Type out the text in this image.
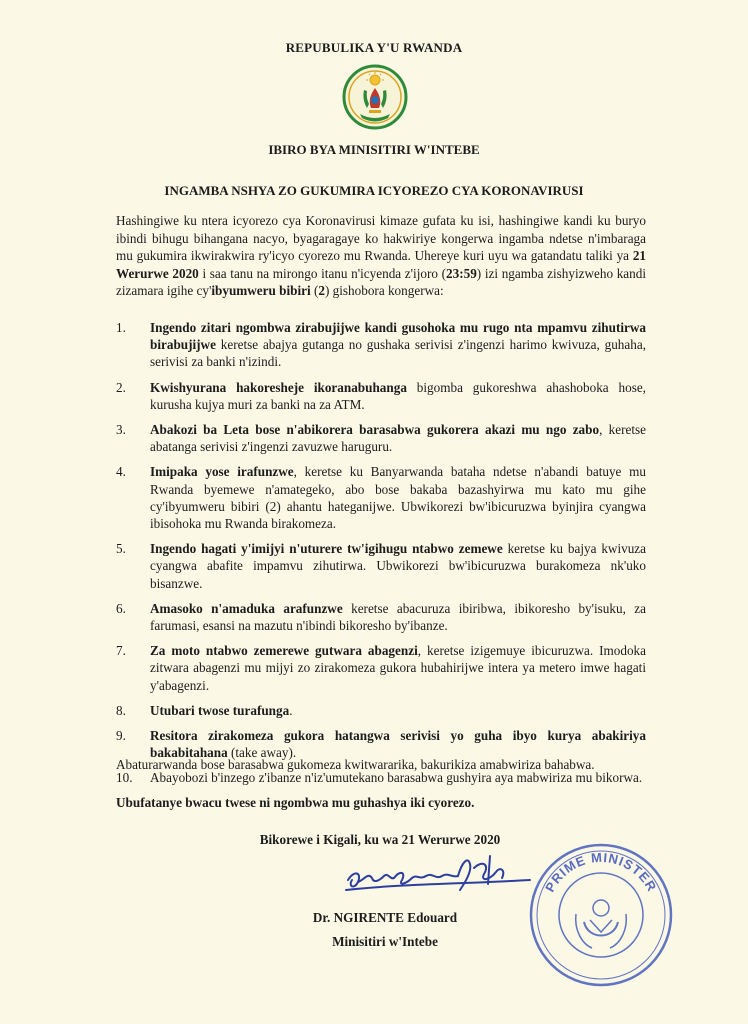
REPUBULIKA Y'U RWANDA
IBIRO BYA MINISITIRI W'INTEBE
INGAMBA NSHYA ZO GUKUMIRA ICYOREZO CYA KORONAVIRUSI

Hashingiwe ku ntera icyorezo cya Koronavirusi kimaze gufata ku isi, hashingiwe kandi ku buryo ibindi bihugu bihangana nacyo, byagaragaye ko hakwiriye kongerwa ingamba ndetse n'imbaraga mu gukumira ikwirakwira ry'icyo cyorezo mu Rwanda. Uhereye kuri uyu wa gatandatu taliki ya 21 Werurwe 2020 i saa tanu na mirongo itanu n'icyenda z'ijoro (23:59) izi ngamba zishyizweho kandi zizamara igihe cy'ibyumweru bibiri (2) gishobora kongerwa:

1.	Ingendo zitari ngombwa zirabujijwe kandi gusohoka mu rugo nta mpamvu zihutirwa birabujijwe keretse abajya gutanga no gushaka serivisi z'ingenzi harimo kwivuza, guhaha, serivisi za banki n'izindi.
2.	Kwishyurana hakoresheje ikoranabuhanga bigomba gukoreshwa ahashoboka hose, kurusha kujya muri za banki na za ATM.
3.	Abakozi ba Leta bose n'abikorera barasabwa gukorera akazi mu ngo zabo, keretse abatanga serivisi z'ingenzi zavuzwe haruguru.
4.	Imipaka yose irafunzwe, keretse ku Banyarwanda bataha ndetse n'abandi batuye mu Rwanda byemewe n'amategeko, abo bose bakaba bazashyirwa mu kato mu gihe cy'ibyumweru bibiri (2) ahantu hateganijwe. Ubwikorezi bw'ibicuruzwa byinjira cyangwa ibisohoka mu Rwanda birakomeza.
5.	Ingendo hagati y'imijyi n'uturere tw'igihugu ntabwo zemewe keretse ku bajya kwivuza cyangwa abafite impamvu zihutirwa. Ubwikorezi bw'ibicuruzwa burakomeza nk'uko bisanzwe.
6.	Amasoko n'amaduka arafunzwe keretse abacuruza ibiribwa, ibikoresho by'isuku, za farumasi, esansi na mazutu n'ibindi bikoresho by'ibanze.
7.	Za moto ntabwo zemerewe gutwara abagenzi, keretse izigemuye ibicuruzwa. Imodoka zitwara abagenzi mu mijyi zo zirakomeza gukora hubahirijwe intera ya metero imwe hagati y'abagenzi.
8.	Utubari twose turafunga.
9.	Resitora zirakomeza gukora hatangwa serivisi yo guha ibyo kurya abakiriya bakabitahana (take away).
10.	Abayobozi b'inzego z'ibanze n'iz'umutekano barasabwa gushyira aya mabwiriza mu bikorwa.

Abaturarwanda bose barasabwa gukomeza kwitwararika, bakurikiza amabwiriza bahabwa.

Ubufatanye bwacu twese ni ngombwa mu guhashya iki cyorezo.

Bikorewe i Kigali, ku wa 21 Werurwe 2020
Dr. NGIRENTE Edouard
Minisitiri w'Intebe
PRIME MINISTER
